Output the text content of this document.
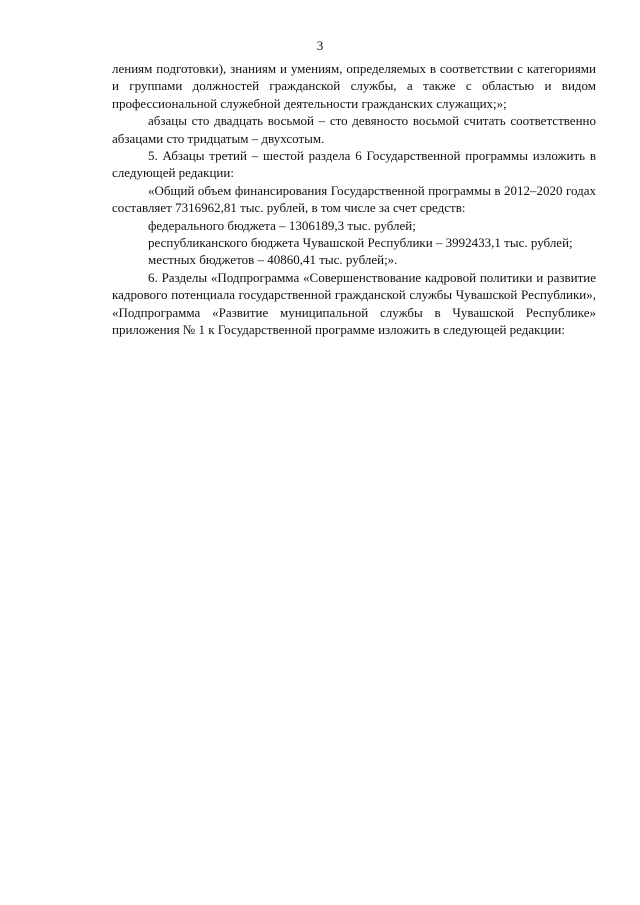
3

лениям подготовки), знаниям и умениям, определяемых в соответствии с категориями и группами должностей гражданской службы, а также с областью и видом профессиональной служебной деятельности гражданских служащих;»;

абзацы сто двадцать восьмой – сто девяносто восьмой считать соответственно абзацами сто тридцатым – двухсотым.

5. Абзацы третий – шестой раздела 6 Государственной программы изложить в следующей редакции:

«Общий объем финансирования Государственной программы в 2012–2020 годах составляет 7316962,81 тыс. рублей, в том числе за счет средств:

федерального бюджета – 1306189,3 тыс. рублей;

республиканского бюджета Чувашской Республики – 3992433,1 тыс. рублей;

местных бюджетов – 40860,41 тыс. рублей;».

6. Разделы «Подпрограмма «Совершенствование кадровой политики и развитие кадрового потенциала государственной гражданской службы Чувашской Республики», «Подпрограмма «Развитие муниципальной службы в Чувашской Республике» приложения № 1 к Государственной программе изложить в следующей редакции:
